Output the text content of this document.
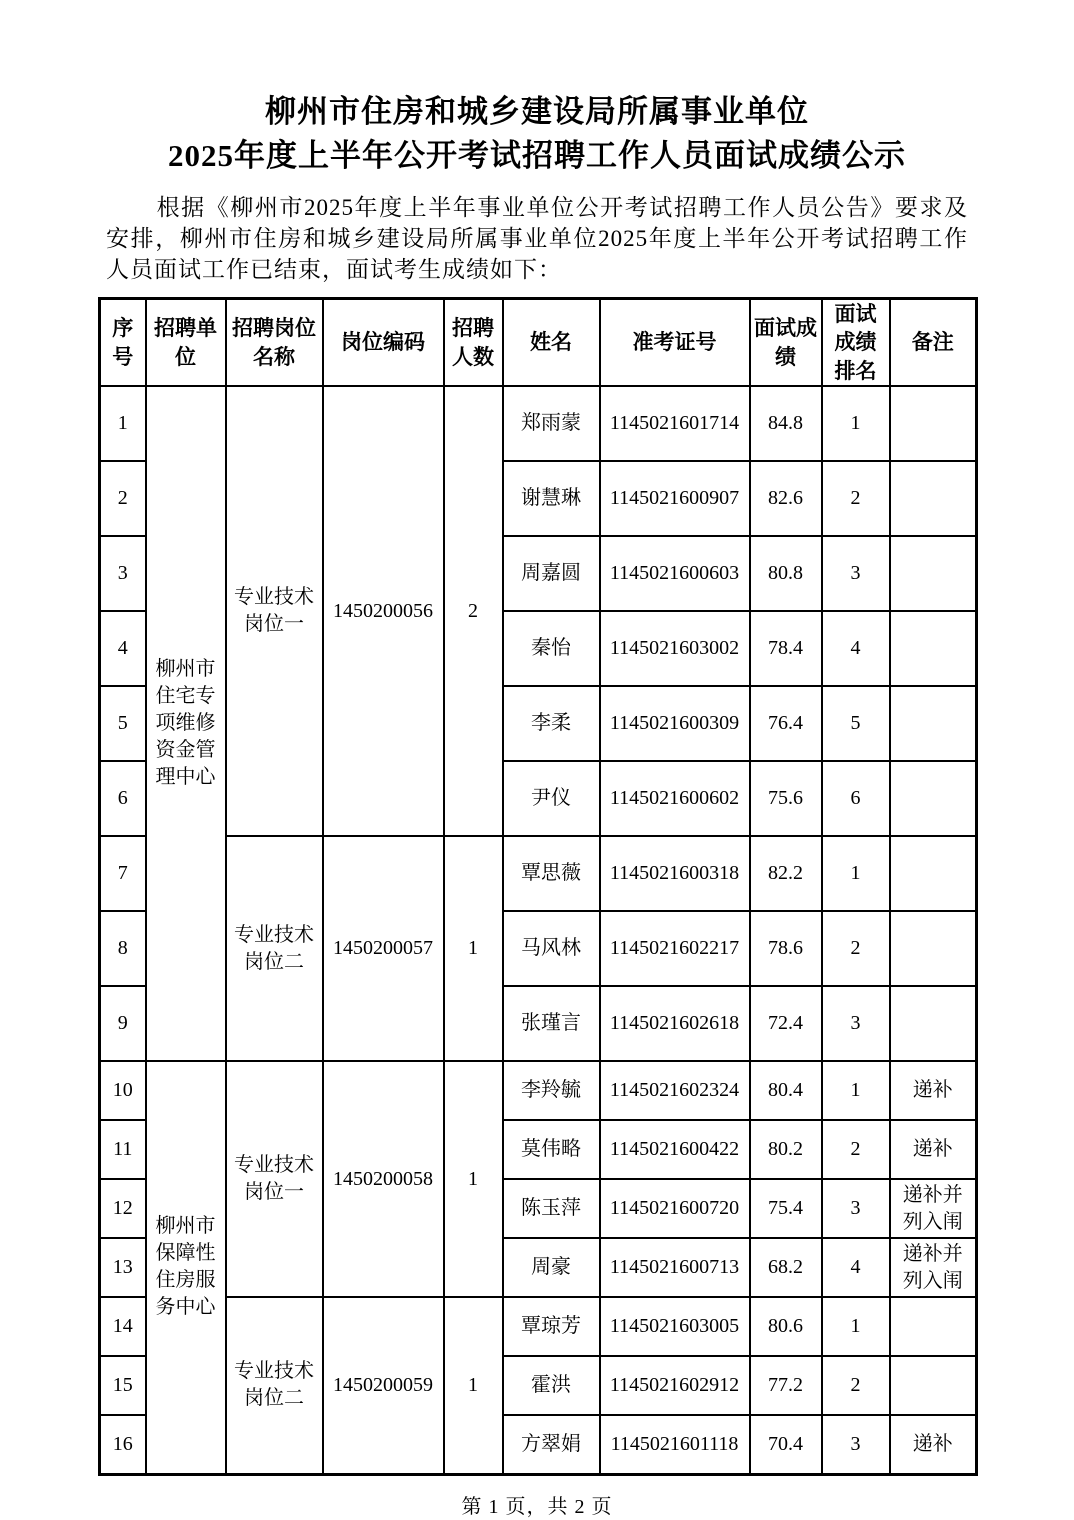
柳州市住房和城乡建设局所属事业单位
2025年度上半年公开考试招聘工作人员面试成绩公示

根据《柳州市2025年度上半年事业单位公开考试招聘工作人员公告》要求及安排，柳州市住房和城乡建设局所属事业单位2025年度上半年公开考试招聘工作人员面试工作已结束，面试考生成绩如下：

序号	招聘单位	招聘岗位名称	岗位编码	招聘人数	姓名	准考证号	面试成绩	面试成绩排名	备注
1	柳州市住宅专项维修资金管理中心	专业技术岗位一	1450200056	2	郑雨蒙	1145021601714	84.8	1	
2					谢慧琳	1145021600907	82.6	2	
3					周嘉圆	1145021600603	80.8	3	
4					秦怡	1145021603002	78.4	4	
5					李柔	1145021600309	76.4	5	
6					尹仪	1145021600602	75.6	6	
7		专业技术岗位二	1450200057	1	覃思薇	1145021600318	82.2	1	
8					马风林	1145021602217	78.6	2	
9					张瑾言	1145021602618	72.4	3	
10	柳州市保障性住房服务中心	专业技术岗位一	1450200058	1	李羚毓	1145021602324	80.4	1	递补
11					莫伟略	1145021600422	80.2	2	递补
12					陈玉萍	1145021600720	75.4	3	递补并列入闱
13					周豪	1145021600713	68.2	4	递补并列入闱
14		专业技术岗位二	1450200059	1	覃琼芳	1145021603005	80.6	1	
15					霍洪	1145021602912	77.2	2	
16					方翠娟	1145021601118	70.4	3	递补
第 1 页，共 2 页
